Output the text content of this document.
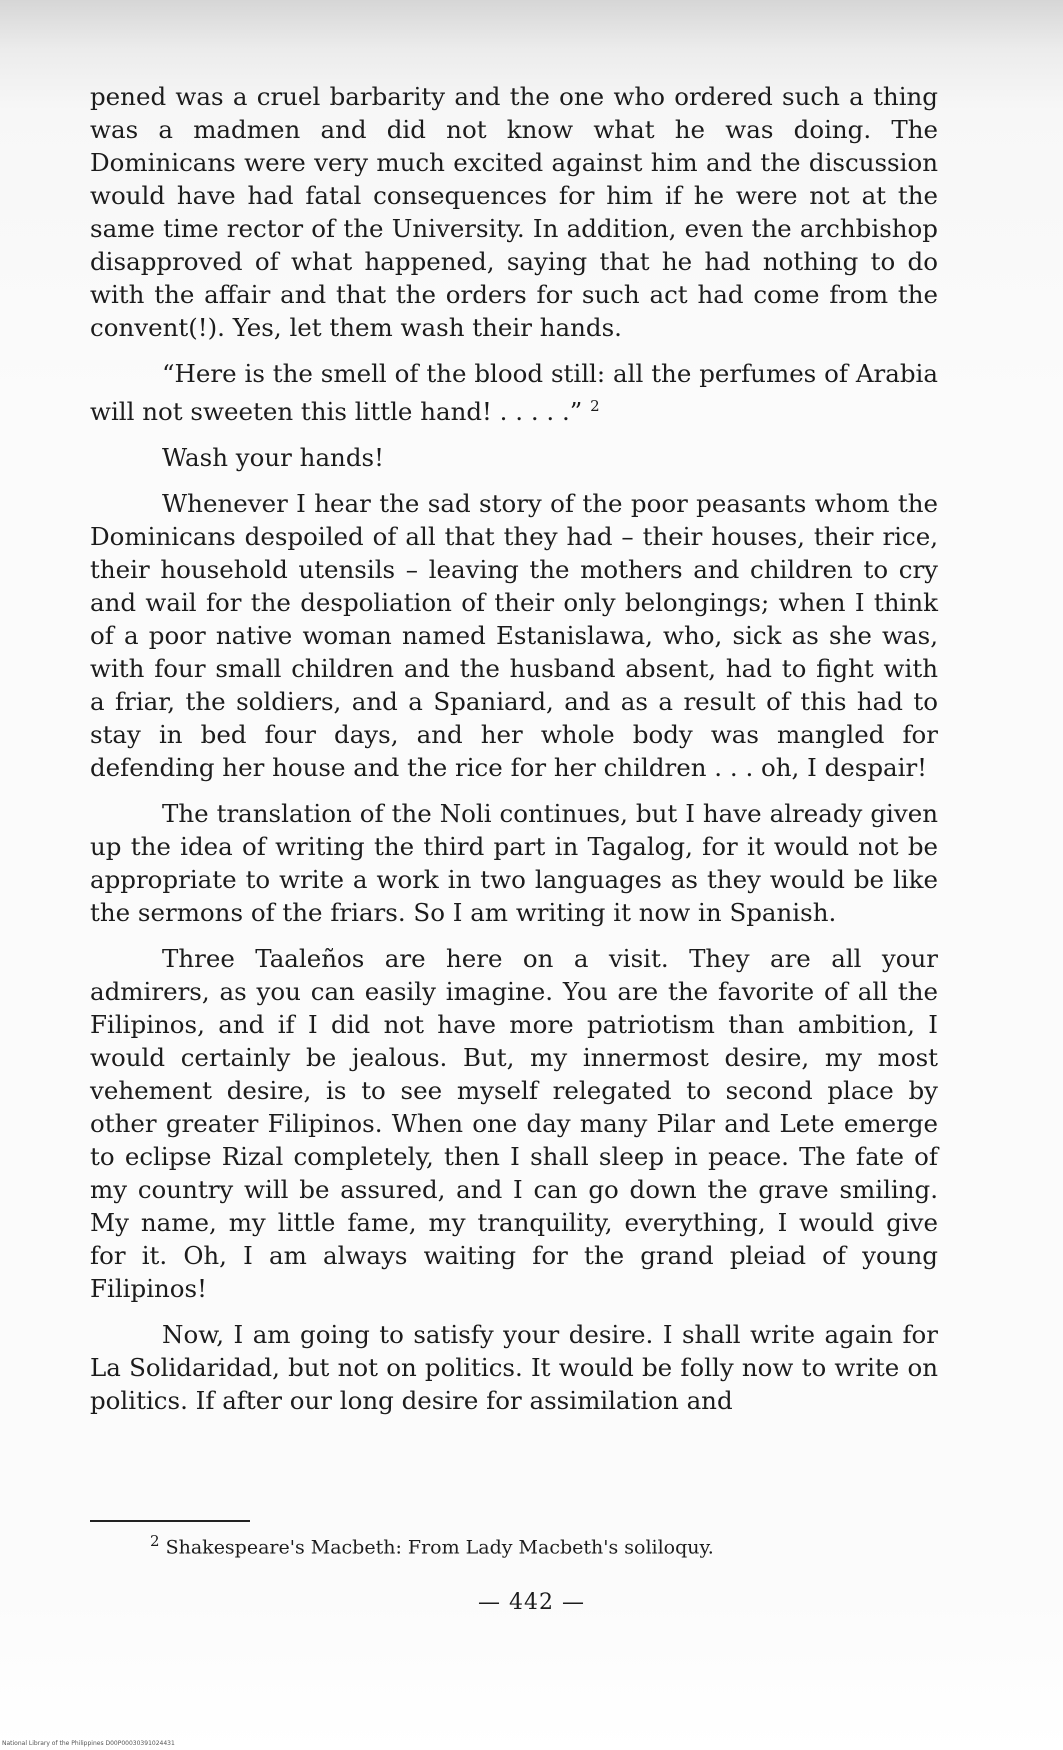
pened was a cruel barbarity and the one who ordered such a thing was a madmen and did not know what he was doing. The Dominicans were very much excited against him and the discussion would have had fatal consequences for him if he were not at the same time rector of the University. In addition, even the archbishop disapproved of what happened, saying that he had nothing to do with the affair and that the orders for such act had come from the convent(!). Yes, let them wash their hands.

“Here is the smell of the blood still: all the perfumes of Arabia will not sweeten this little hand! . . . . .” $^2$

Wash your hands!

Whenever I hear the sad story of the poor peasants whom the Dominicans despoiled of all that they had – their houses, their rice, their household utensils – leaving the mothers and children to cry and wail for the despoliation of their only belongings; when I think of a poor native woman named Estanislawa, who, sick as she was, with four small children and the husband absent, had to fight with a friar, the soldiers, and a Spaniard, and as a result of this had to stay in bed four days, and her whole body was mangled for defending her house and the rice for her children . . . oh, I despair!

The translation of the Noli continues, but I have already given up the idea of writing the third part in Tagalog, for it would not be appropriate to write a work in two languages as they would be like the sermons of the friars. So I am writing it now in Spanish.

Three Taaleños are here on a visit. They are all your admirers, as you can easily imagine. You are the favorite of all the Filipinos, and if I did not have more patriotism than ambition, I would certainly be jealous. But, my innermost desire, my most vehement desire, is to see myself relegated to second place by other greater Filipinos. When one day many Pilar and Lete emerge to eclipse Rizal completely, then I shall sleep in peace. The fate of my country will be assured, and I can go down the grave smiling. My name, my little fame, my tranquility, everything, I would give for it. Oh, I am always waiting for the grand pleiad of young Filipinos!

Now, I am going to satisfy your desire. I shall write again for La Solidaridad, but not on politics. It would be folly now to write on politics. If after our long desire for assimilation and

$^2$ Shakespeare's Macbeth: From Lady Macbeth's soliloquy.
— 442 —
National Library of the Philippines D00P00030391024431
